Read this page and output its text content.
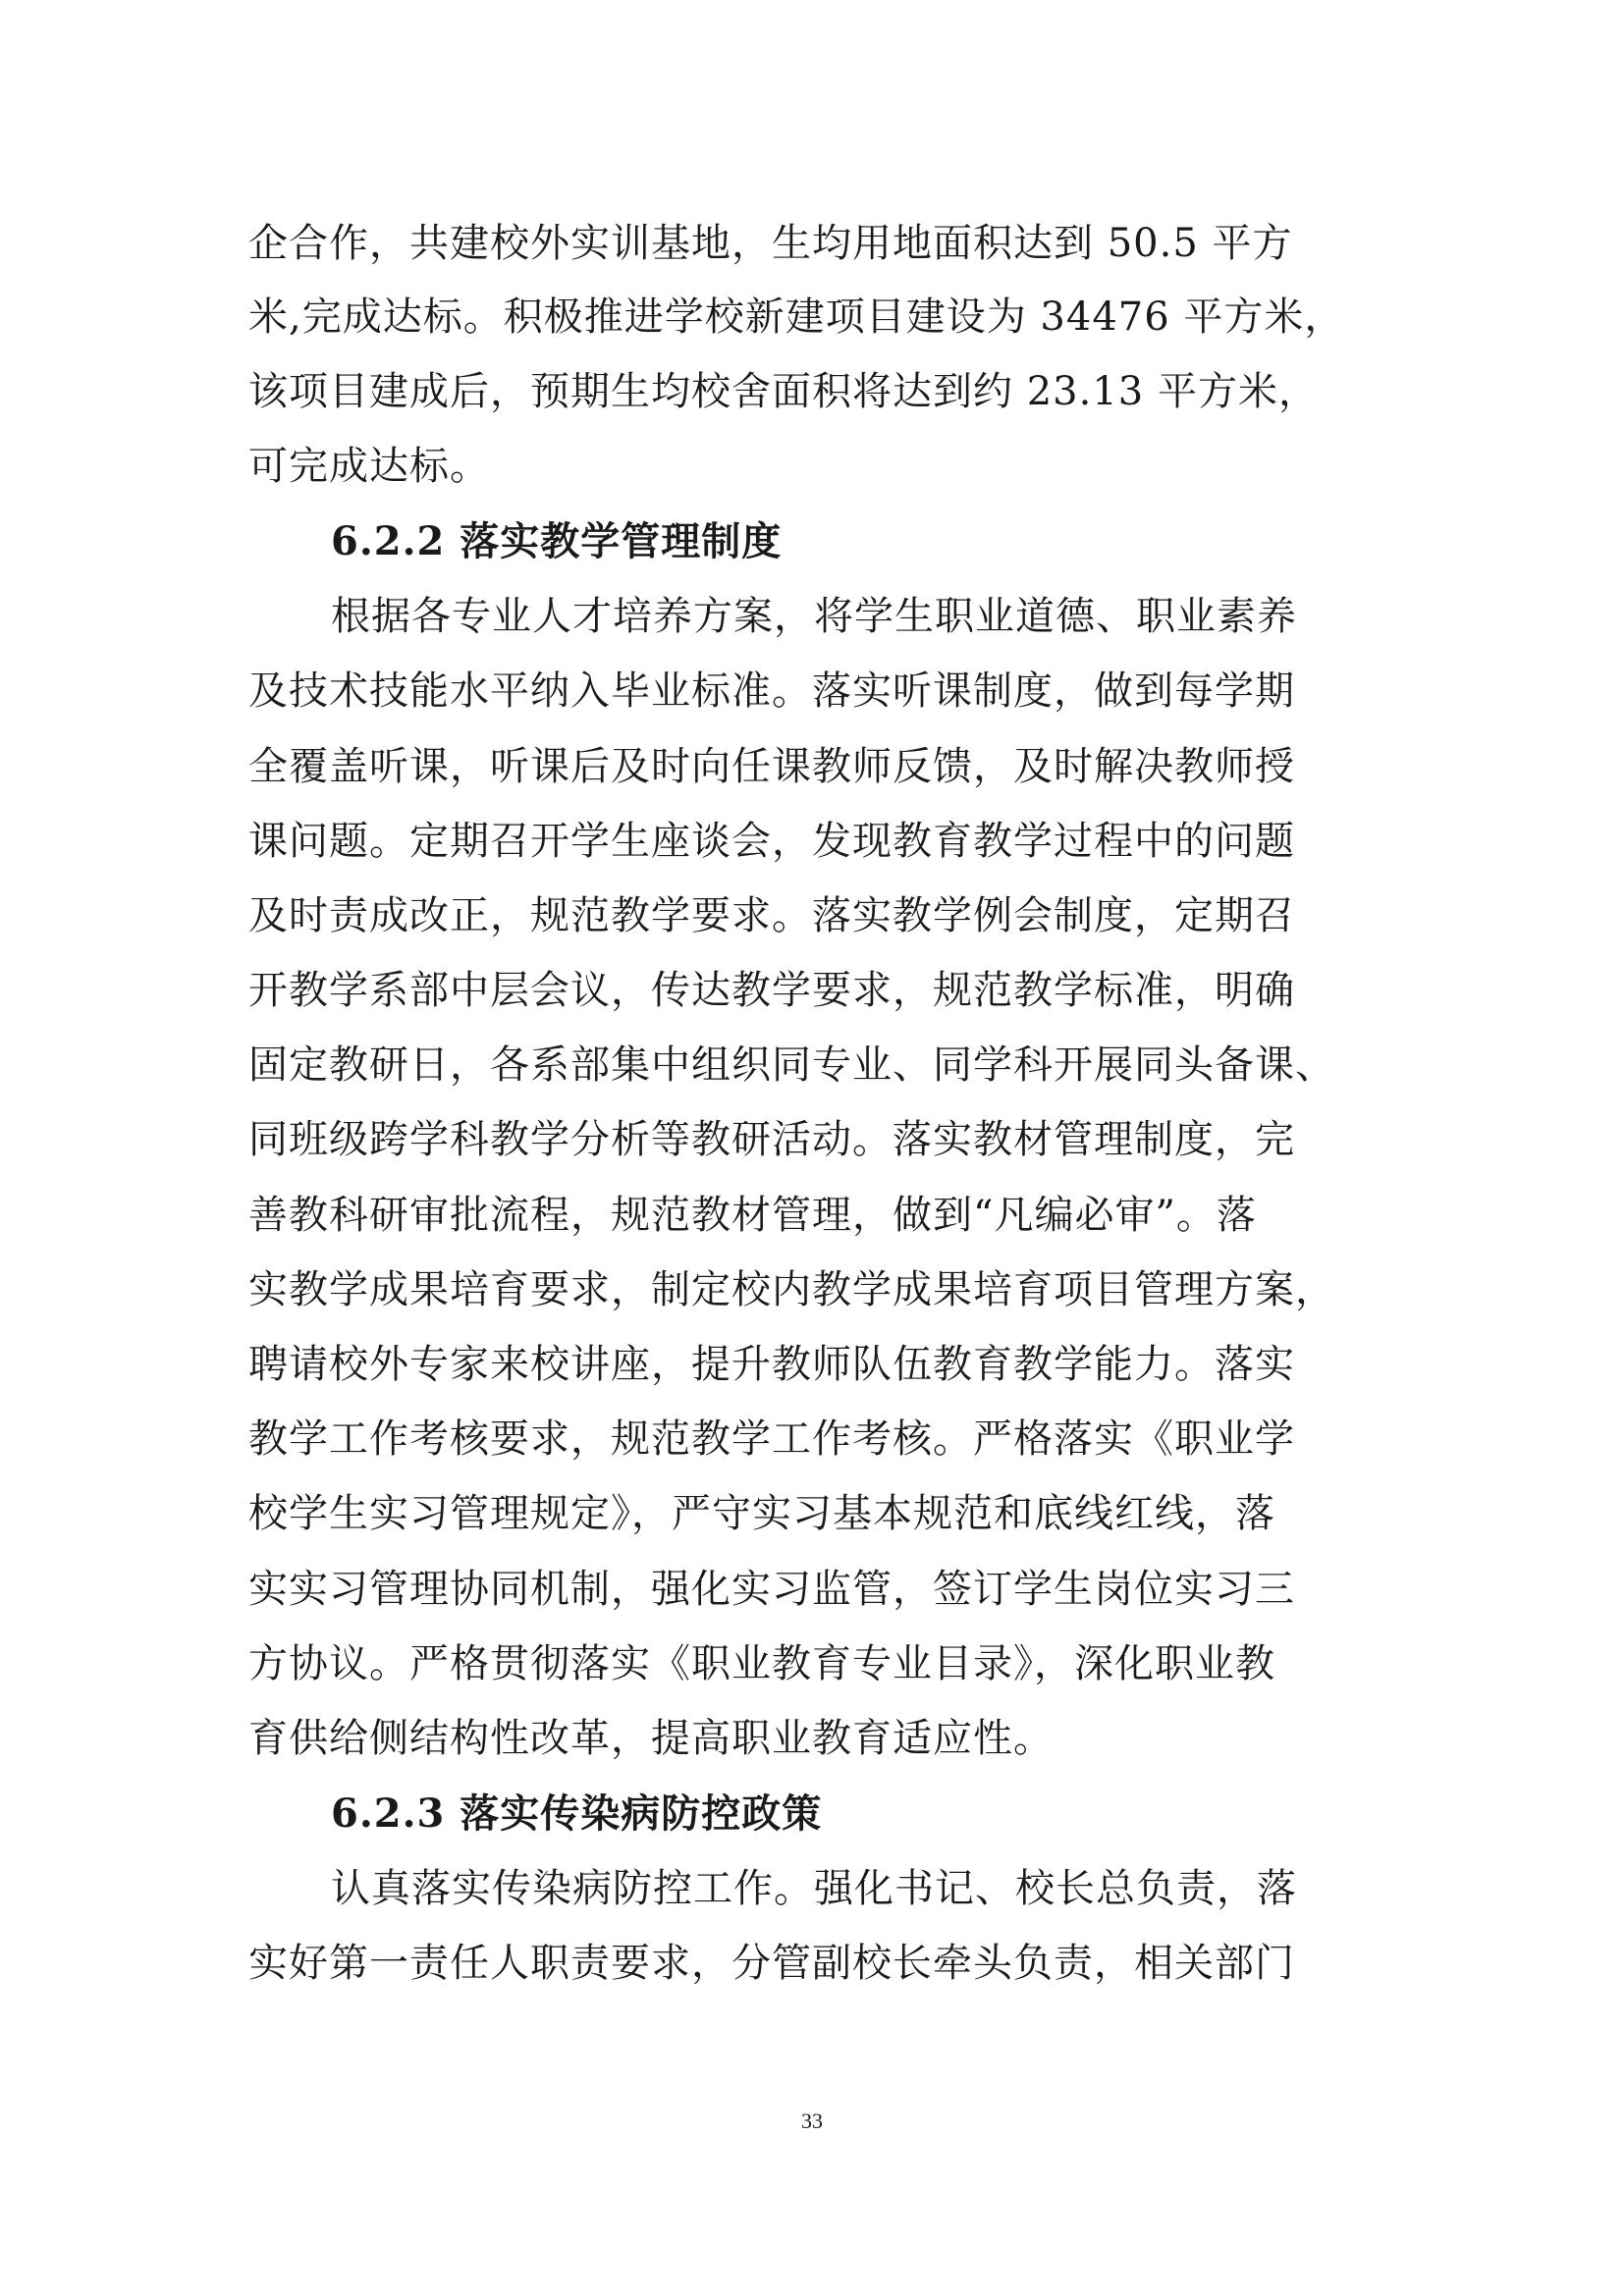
企合作，共建校外实训基地，生均用地面积达到 50.5 平方
米,完成达标。积极推进学校新建项目建设为 34476 平方米，
该项目建成后，预期生均校舍面积将达到约 23.13 平方米，
可完成达标。
6.2.2 落实教学管理制度
根据各专业人才培养方案，将学生职业道德、职业素养
及技术技能水平纳入毕业标准。落实听课制度，做到每学期
全覆盖听课，听课后及时向任课教师反馈，及时解决教师授
课问题。定期召开学生座谈会，发现教育教学过程中的问题
及时责成改正，规范教学要求。落实教学例会制度，定期召
开教学系部中层会议，传达教学要求，规范教学标准，明确
固定教研日，各系部集中组织同专业、同学科开展同头备课、
同班级跨学科教学分析等教研活动。落实教材管理制度，完
善教科研审批流程，规范教材管理，做到“凡编必审”。落
实教学成果培育要求，制定校内教学成果培育项目管理方案，
聘请校外专家来校讲座，提升教师队伍教育教学能力。落实
教学工作考核要求，规范教学工作考核。严格落实《职业学
校学生实习管理规定》，严守实习基本规范和底线红线，落
实实习管理协同机制，强化实习监管，签订学生岗位实习三
方协议。严格贯彻落实《职业教育专业目录》，深化职业教
育供给侧结构性改革，提高职业教育适应性。
6.2.3 落实传染病防控政策
认真落实传染病防控工作。强化书记、校长总负责，落
实好第一责任人职责要求，分管副校长牵头负责，相关部门
33
